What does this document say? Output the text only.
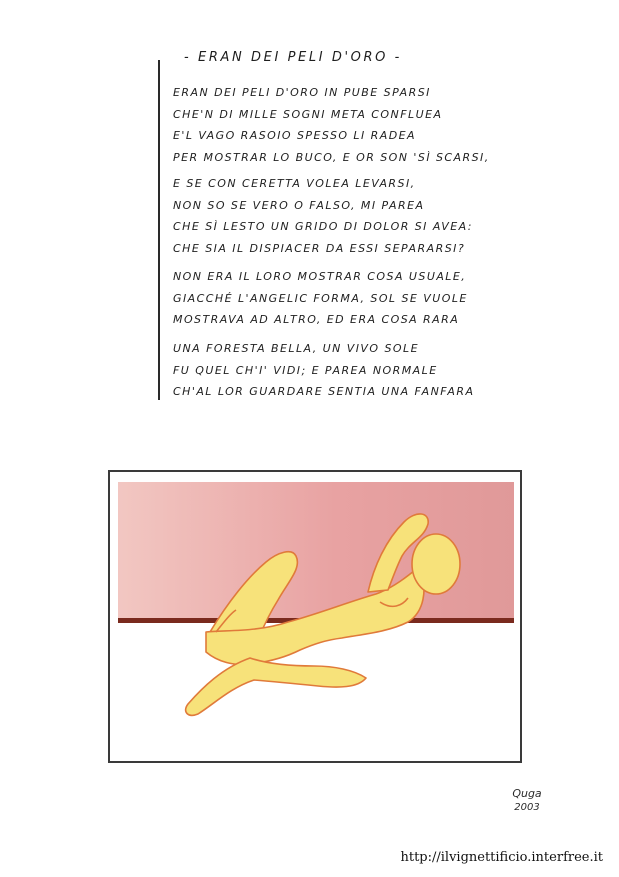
- ERAN DEI PELI D'ORO -
ERAN DEI PELI D'ORO IN PUBE SPARSI
CHE'N DI MILLE SOGNI META CONFLUEA
E'L VAGO RASOIO SPESSO LI RADEA
PER MOSTRAR LO BUCO, E OR SON 'SÌ SCARSI,
E SE CON CERETTA VOLEA LEVARSI,
NON SO SE VERO O FALSO, MI PAREA
CHE SÌ LESTO UN GRIDO DI DOLOR SI AVEA:
CHE SIA IL DISPIACER DA ESSI SEPARARSI?
NON ERA IL LORO MOSTRAR COSA USUALE,
GIACCHÉ L'ANGELIC FORMA, SOL SE VUOLE
MOSTRAVA AD ALTRO, ED ERA COSA RARA
UNA FORESTA BELLA, UN VIVO SOLE
FU QUEL CH'I' VIDI; E PAREA NORMALE
CH'AL LOR GUARDARE SENTIA UNA FANFARA
Quga
2003
http://ilvignettificio.interfree.it
